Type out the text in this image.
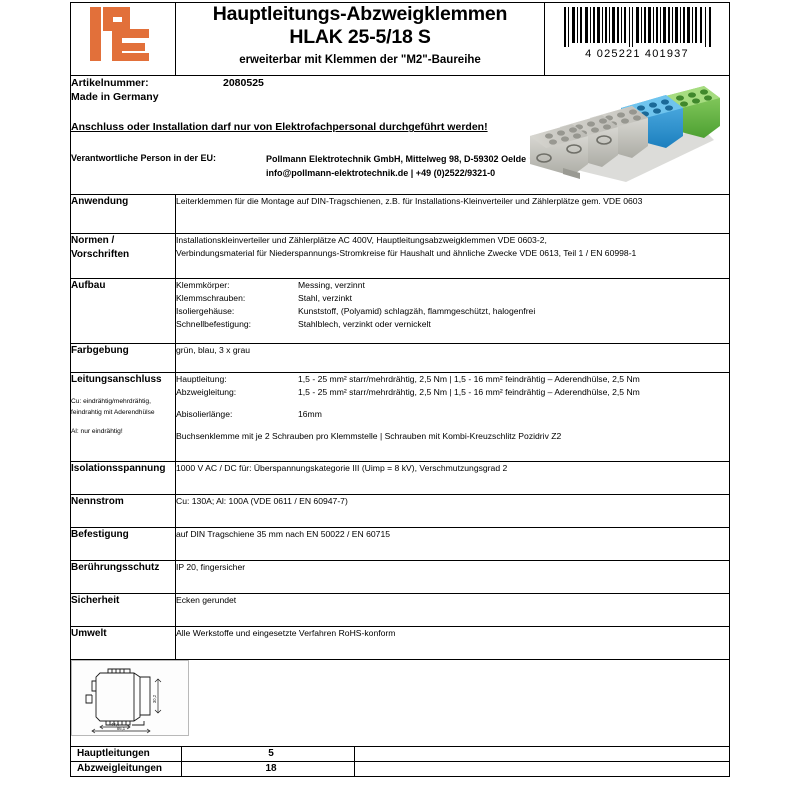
Hauptleitungs-Abzweigklemmen
HLAK 25-5/18 S
erweiterbar mit Klemmen der "M2"-Baureihe	4 025221 401937

Artikelnummer:	2080525
Made in Germany
Anschluss oder Installation darf nur von Elektrofachpersonal durchgeführt werden!
Verantwortliche Person in der EU:	Pollmann Elektrotechnik GmbH, Mittelweg 98, D-59302 Oelde
info@pollmann-elektrotechnik.de | +49 (0)2522/9321-0

Anwendung	Leiterklemmen für die Montage auf DIN-Tragschienen, z.B. für Installations-Kleinverteiler und Zählerplätze gem. VDE 0603	

Normen /
Vorschriften

Installationskleinverteiler und Zählerplätze AC 400V, Hauptleitungsabzweigklemmen VDE 0603-2,
Verbindungsmaterial für Niederspannungs-Stromkreise für Haushalt und ähnliche Zwecke VDE 0613, Teil 1 / EN 60998-1

Aufbau	Klemmkörper:	Messing, verzinnt
Klemmschrauben:	Stahl, verzinkt
Isoliergehäuse:	Kunststoff, (Polyamid) schlagzäh, flammgeschützt, halogenfrei
Schnellbefestigung:	Stahlblech, verzinkt oder vernickelt

Farbgebung	grün, blau, 3 x grau	

Leitungsanschluss
Cu: eindrähtig/mehrdrähtig,
feindrahtig mit Aderendhülse
Al: nur eindrähtig!

Hauptleitung:	1,5 - 25 mm² starr/mehrdrähtig, 2,5 Nm | 1,5 - 16 mm² feindrähtig – Aderendhülse, 2,5 Nm
Abzweigleitung:	1,5 - 25 mm² starr/mehrdrähtig, 2,5 Nm | 1,5 - 16 mm² feindrähtig – Aderendhülse, 2,5 Nm
Abisolierlänge:	16mm
Buchsenklemme mit je 2 Schrauben pro Klemmstelle | Schrauben mit Kombi-Kreuzschlitz Pozidriv Z2

Isolationsspannung	1000 V AC / DC für: Überspannungskategorie III (Uimp = 8 kV), Verschmutzungsgrad 2	
Nennstrom	Cu: 130A; Al: 100A (VDE 0611 / EN 60947-7)	
Befestigung	auf DIN Tragschiene 35 mm nach EN 50022 / EN 60715	
Berührungsschutz	IP 20, fingersicher	
Sicherheit	Ecken gerundet	
Umwelt	Alle Werkstoffe und eingesetzte Verfahren RoHS-konform	

30,2
47,4
86,1		
Hauptleitungen	5	
Abzweigleitungen	18	
